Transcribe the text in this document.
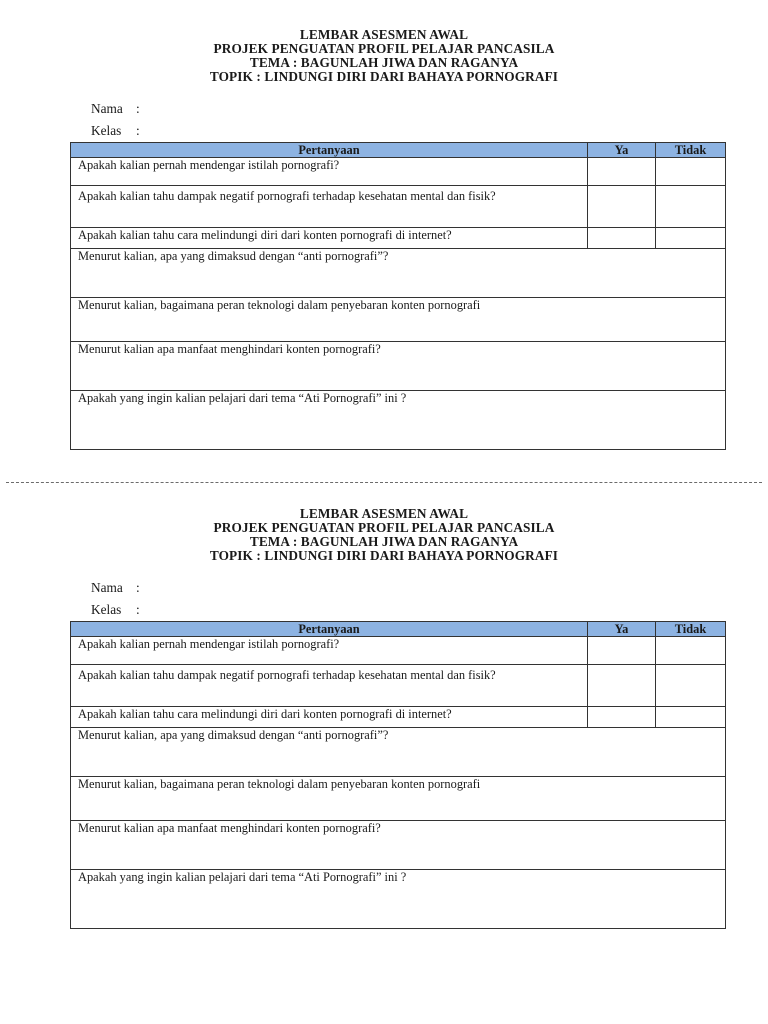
LEMBAR ASESMEN AWAL
PROJEK PENGUATAN PROFIL PELAJAR PANCASILA
TEMA : BAGUNLAH JIWA DAN RAGANYA
TOPIK : LINDUNGI DIRI DARI BAHAYA PORNOGRAFI
Nama :
Kelas	:
Pertanyaan	Ya	Tidak
Apakah kalian pernah mendengar istilah pornografi?		
Apakah kalian tahu dampak negatif pornografi terhadap kesehatan mental dan fisik?		
Apakah kalian tahu cara melindungi diri dari konten pornografi di internet?		
Menurut kalian, apa yang dimaksud dengan “anti pornografi”?		
Menurut kalian, bagaimana peran teknologi dalam penyebaran konten pornografi		
Menurut kalian apa manfaat menghindari konten pornografi?		
Apakah yang ingin kalian pelajari dari tema “Ati Pornografi” ini ?		
LEMBAR ASESMEN AWAL
PROJEK PENGUATAN PROFIL PELAJAR PANCASILA
TEMA : BAGUNLAH JIWA DAN RAGANYA
TOPIK : LINDUNGI DIRI DARI BAHAYA PORNOGRAFI
Nama :
Kelas	:
Pertanyaan	Ya	Tidak
Apakah kalian pernah mendengar istilah pornografi?		
Apakah kalian tahu dampak negatif pornografi terhadap kesehatan mental dan fisik?		
Apakah kalian tahu cara melindungi diri dari konten pornografi di internet?		
Menurut kalian, apa yang dimaksud dengan “anti pornografi”?		
Menurut kalian, bagaimana peran teknologi dalam penyebaran konten pornografi		
Menurut kalian apa manfaat menghindari konten pornografi?		
Apakah yang ingin kalian pelajari dari tema “Ati Pornografi” ini ?		
